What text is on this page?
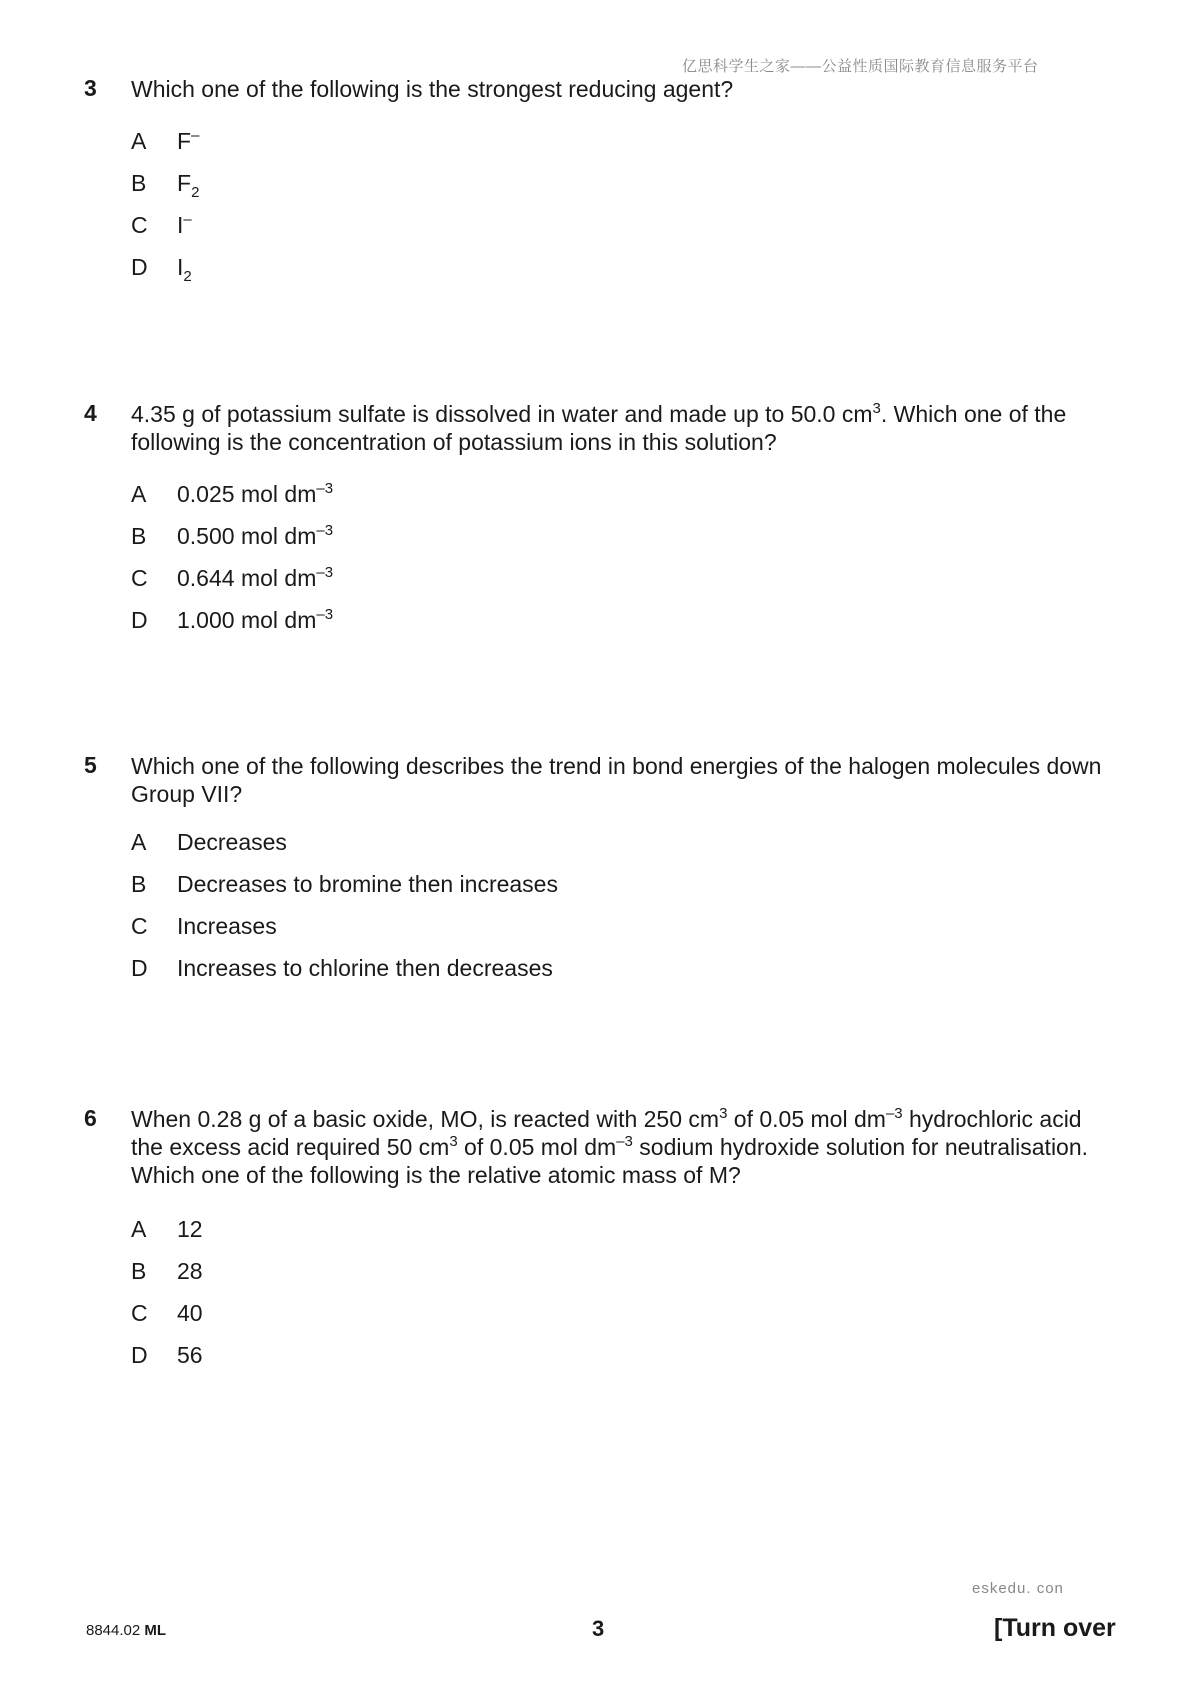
亿思科学生之家——公益性质国际教育信息服务平台
3 Which one of the following is the strongest reducing agent?
A	F–
B	$F_2$
C	I–
D	$I_2$
4 4.35 g of potassium sulfate is dissolved in water and made up to 50.0 $cm^3$. Which one of the following is the concentration of potassium ions in this solution?
A	0.025 mol $dm^{-3}$
B	0.500 mol $dm^{-3}$
C	0.644 mol $dm^{-3}$
D	1.000 mol $dm^{-3}$
5 Which one of the following describes the trend in bond energies of the halogen molecules down Group VII?
A	Decreases
B	Decreases to bromine then increases
C	Increases
D	Increases to chlorine then decreases
6 When 0.28 g of a basic oxide, MO, is reacted with 250 $cm^3$ of 0.05 mol $dm^{-3}$ hydrochloric acid the excess acid required 50 $cm^3$ of 0.05 mol $dm^{-3}$ sodium hydroxide solution for neutralisation. Which one of the following is the relative atomic mass of M?
A	12
B	28
C	40
D	56
eskedu. con
8844.02 ML	3	[Turn over
